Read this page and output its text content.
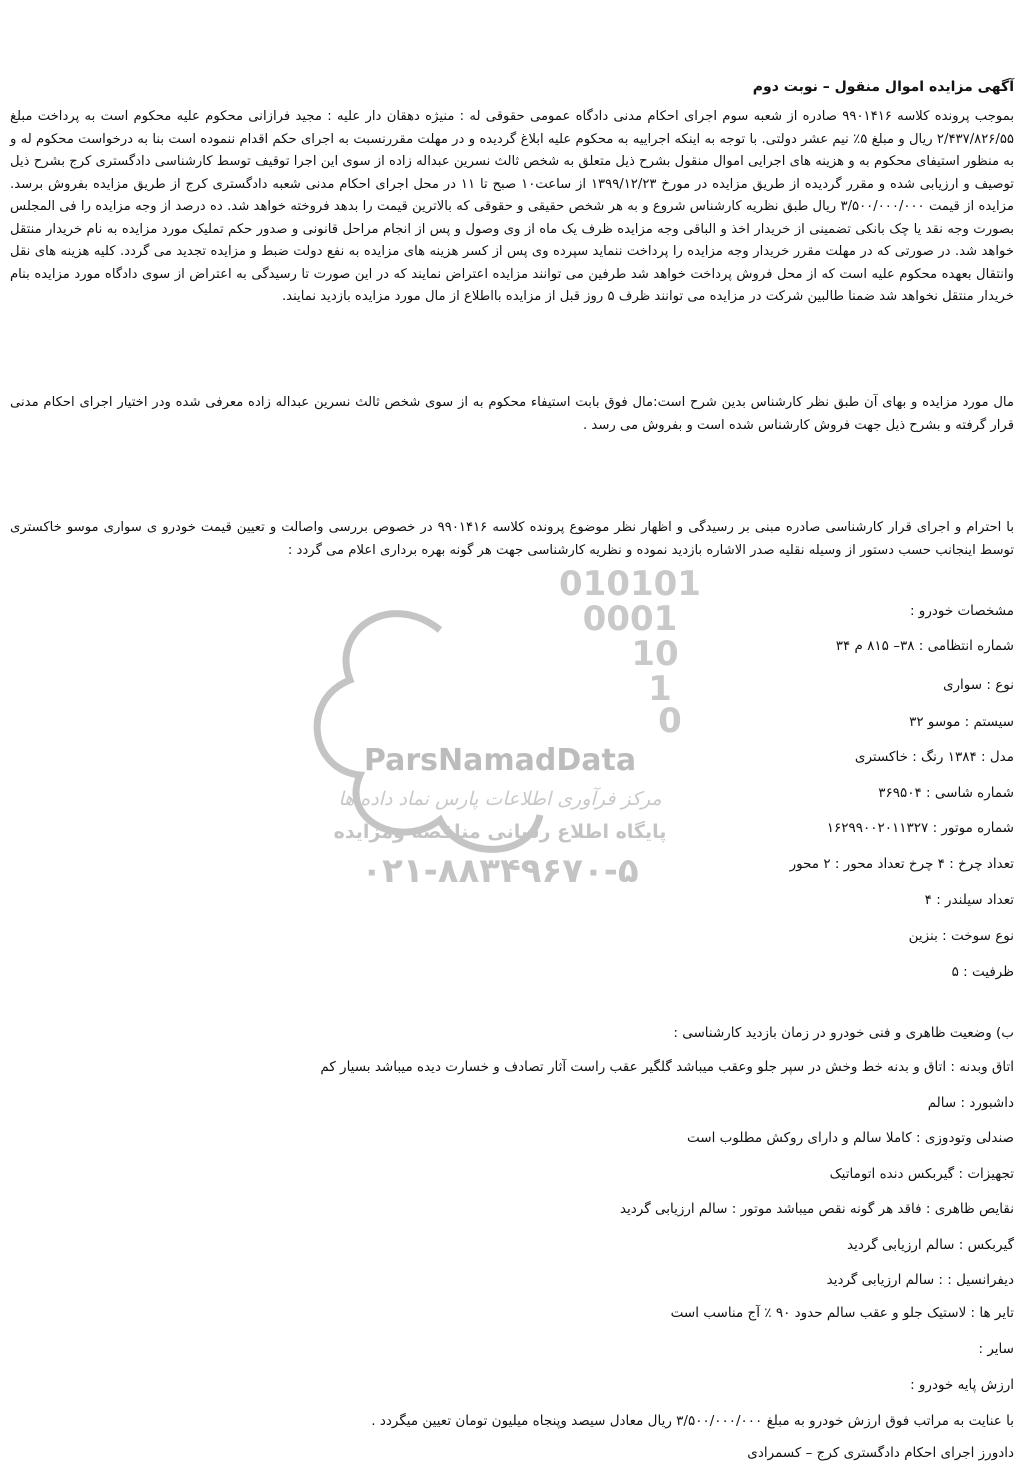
010101
0001
10
1
0
ParsNamadData
مرکز فرآوری اطلاعات پارس نماد داده ها
پایگاه اطلاع رسانی مناقصه ومزایده
۰۲۱-۸۸۳۴۹۶۷۰-۵
آگهی مزایده اموال منقول – نوبت دوم
بموجب پرونده کلاسه ۹۹۰۱۴۱۶ صادره از شعبه سوم اجرای احکام مدنی دادگاه عمومی حقوقی له : منیژه دهقان دار علیه : مجید فرازانی محکوم علیه محکوم است به پرداخت مبلغ ۲/۴۳۷/۸۲۶/۵۵ ریال و مبلغ ۵٪ نیم عشر دولتی. با توجه به اینکه اجراییه به محکوم علیه ابلاغ گردیده و در مهلت مقررنسبت به اجرای حکم اقدام ننموده است بنا به درخواست محکوم له و به منظور استیفای محکوم به و هزینه های اجرایی اموال منقول بشرح ذیل متعلق به شخص ثالث نسرین عبداله زاده از سوی این اجرا توقیف توسط کارشناسی دادگستری کرج بشرح ذیل توصیف و ارزیابی شده و مقرر گردیده از طریق مزایده در مورخ ۱۳۹۹/۱۲/۲۳ از ساعت۱۰ صبح تا ۱۱ در محل اجرای احکام مدنی شعبه دادگستری کرج از طریق مزایده بفروش برسد. مزایده از قیمت ۳/۵۰۰/۰۰۰/۰۰۰ ریال طبق نظریه کارشناس شروع و به هر شخص حقیقی و حقوقی که بالاترین قیمت را بدهد فروخته خواهد شد. ده درصد از وجه مزایده را فی المجلس بصورت وجه نقد یا چک بانکی تضمینی از خریدار اخذ و الباقی وجه مزایده ظرف یک ماه از وی وصول و پس از انجام مراحل قانونی و صدور حکم تملیک مورد مزایده به نام خریدار منتقل خواهد شد. در صورتی که در مهلت مقرر خریدار وجه مزایده را پرداخت ننماید سپرده وی پس از کسر هزینه های مزایده به نفع دولت ضبط و مزایده تجدید می گردد. کلیه هزینه های نقل وانتقال بعهده محکوم علیه است که از محل فروش پرداخت خواهد شد طرفین می توانند مزایده اعتراض نمایند که در این صورت تا رسیدگی به اعتراض از سوی دادگاه مورد مزایده بنام خریدار منتقل نخواهد شد ضمنا طالبین شرکت در مزایده می توانند ظرف ۵ روز قبل از مزایده بااطلاع از مال مورد مزایده بازدید نمایند.
مال مورد مزایده و بهای آن طبق نظر کارشناس بدین شرح است:مال فوق بابت استیفاء محکوم به از سوی شخص ثالث نسرین عبداله زاده معرفی شده ودر اختیار اجرای احکام مدنی قرار گرفته و بشرح ذیل جهت فروش کارشناس شده است و بفروش می رسد .
با احترام و اجرای قرار کارشناسی صادره مبنی بر رسیدگی و اظهار نظر موضوع پرونده کلاسه ۹۹۰۱۴۱۶ در خصوص بررسی واصالت و تعیین قیمت خودرو ی سواری موسو خاکستری توسط اینجانب حسب دستور از وسیله نقلیه صدر الاشاره بازدید نموده و نظریه کارشناسی جهت هر گونه بهره برداری اعلام می گردد :
مشخصات خودرو :
شماره انتظامی : ۳۸– ۸۱۵ م ۳۴
نوع : سواری
سیستم : موسو ۳۲
مدل : ۱۳۸۴ رنگ : خاکستری
شماره شاسی : ۳۶۹۵۰۴
شماره موتور : ۱۶۲۹۹۰۰۲۰۱۱۳۲۷
تعداد چرخ : ۴ چرخ تعداد محور : ۲ محور
تعداد سیلندر : ۴
نوع سوخت : بنزین
ظرفیت : ۵
ب) وضعیت ظاهری و فنی خودرو در زمان بازدید کارشناسی :
اتاق وبدنه : اتاق و بدنه خط وخش در سپر جلو وعقب میباشد گلگیر عقب راست آثار تصادف و خسارت دیده میباشد بسیار کم
داشبورد : سالم
صندلی وتودوزی : کاملا سالم و دارای روکش مطلوب است
تجهیزات : گیربکس دنده اتوماتیک
نقایص ظاهری : فاقد هر گونه نقص میباشد موتور : سالم ارزیابی گردید
گیربکس : سالم ارزیابی گردید
دیفرانسیل : : سالم ارزیابی گردید
تایر ها : لاستیک جلو و عقب سالم حدود ۹۰ ٪ آج مناسب است
سایر :
ارزش پایه خودرو :
با عنایت به مراتب فوق ارزش خودرو به مبلغ ۳/۵۰۰/۰۰۰/۰۰۰ ریال معادل سیصد وپنجاه میلیون تومان تعیین میگردد .
دادورز اجرای احکام دادگستری کرج – کسمرادی
